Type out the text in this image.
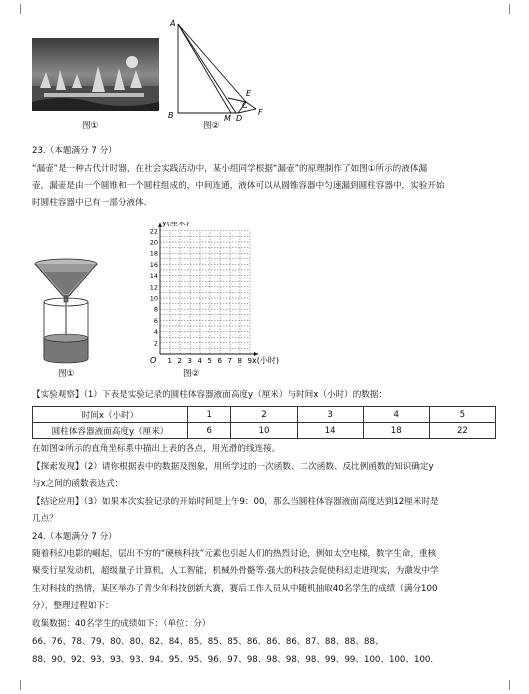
图①
A
B
E
C
M D
F
图②
23.（本题满分 7 分）
“漏壶”是一种古代计时器，在社会实践活动中，某小组同学根据“漏壶”的原理制作了如图①所示的液体漏
壶，漏壶是由一个圆锥和一个圆柱组成的，中间连通，液体可以从圆锥容器中匀速漏到圆柱容器中，实验开始
时圆柱容器中已有一部分液体.
图①
1 2 3 4 5 6 7 8 9
2
4
6
8
10
12
14
16
18
20
22
O
y(厘米)
x(小时)
图②
【实验观察】（1）下表是实验记录的圆柱体容器液面高度y（厘米）与时间x（小时）的数据：
时间x（小时）	1	2	3	4	5
圆柱体容器液面高度y（厘米）	6	10	14	18	22
在如图②所示的直角坐标系中描出上表的各点，用光滑的线连接。
【探索发现】（2）请你根据表中的数据及图象，用所学过的一次函数、二次函数、反比例函数的知识确定y
与x之间的函数表达式：
【结论应用】（3）如果本次实验记录的开始时间是上午9：00，那么当圆柱体容器液面高度达到12厘米时是
几点？
24.（本题满分 7 分）
随着科幻电影的崛起，层出不穷的“硬核科技”元素也引起人们的热烈讨论，例如太空电梯，数字生命，重核
聚变行星发动机，超级量子计算机，人工智能，机械外骨骼等.强大的科技会促使科幻走进现实，为激发中学
生对科技的热情，某区举办了青少年科技创新大赛，赛后工作人员从中随机抽取40名学生的成绩（满分100
分），整理过程如下：
收集数据：40名学生的成绩如下：（单位：分）
66、76、78、79、80、80、82、84、85、85、85、86、86、86、87、88、88、88、
88、90、92、93、93、93、94、95、95、96、97、98、98、98、98、99、99、100、100、100.
